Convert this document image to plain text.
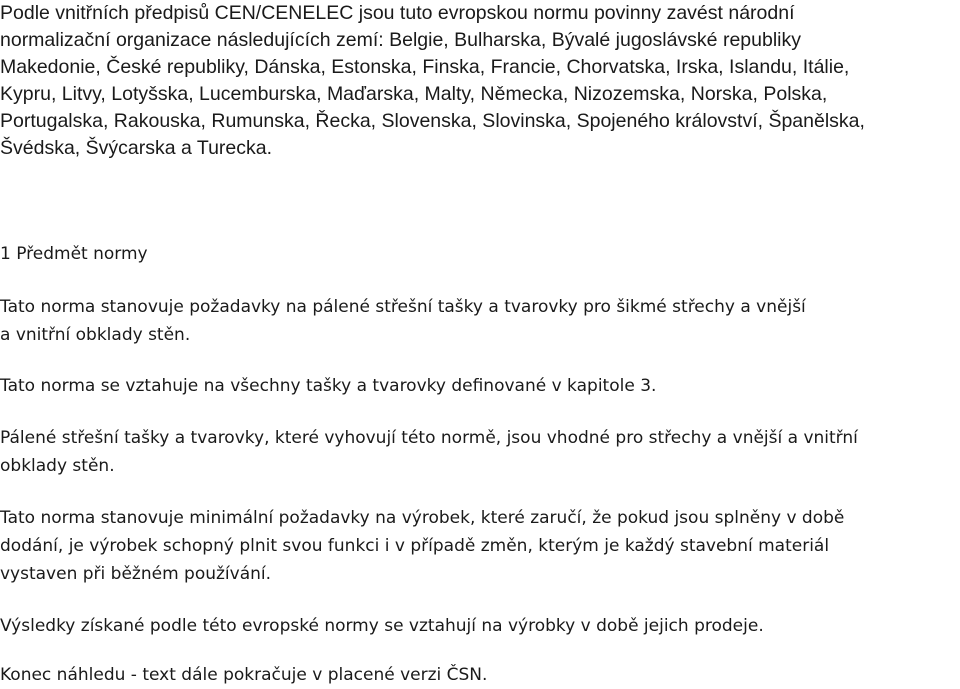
Podle vnitřních předpisů CEN/CENELEC jsou tuto evropskou normu povinny zavést národní
normalizační organizace následujících zemí: Belgie, Bulharska, Bývalé jugoslávské republiky
Makedonie, České republiky, Dánska, Estonska, Finska, Francie, Chorvatska, Irska, Islandu, Itálie,
Kypru, Litvy, Lotyšska, Lucemburska, Maďarska, Malty, Německa, Nizozemska, Norska, Polska,
Portugalska, Rakouska, Rumunska, Řecka, Slovenska, Slovinska, Spojeného království, Španělska,
Švédska, Švýcarska a Turecka.

1 Předmět normy

Tato norma stanovuje požadavky na pálené střešní tašky a tvarovky pro šikmé střechy a vnější
a vnitřní obklady stěn.

Tato norma se vztahuje na všechny tašky a tvarovky definované v kapitole 3.

Pálené střešní tašky a tvarovky, které vyhovují této normě, jsou vhodné pro střechy a vnější a vnitřní
obklady stěn.

Tato norma stanovuje minimální požadavky na výrobek, které zaručí, že pokud jsou splněny v době
dodání, je výrobek schopný plnit svou funkci i v případě změn, kterým je každý stavební materiál
vystaven při běžném používání.

Výsledky získané podle této evropské normy se vztahují na výrobky v době jejich prodeje.

Konec náhledu - text dále pokračuje v placené verzi ČSN.
